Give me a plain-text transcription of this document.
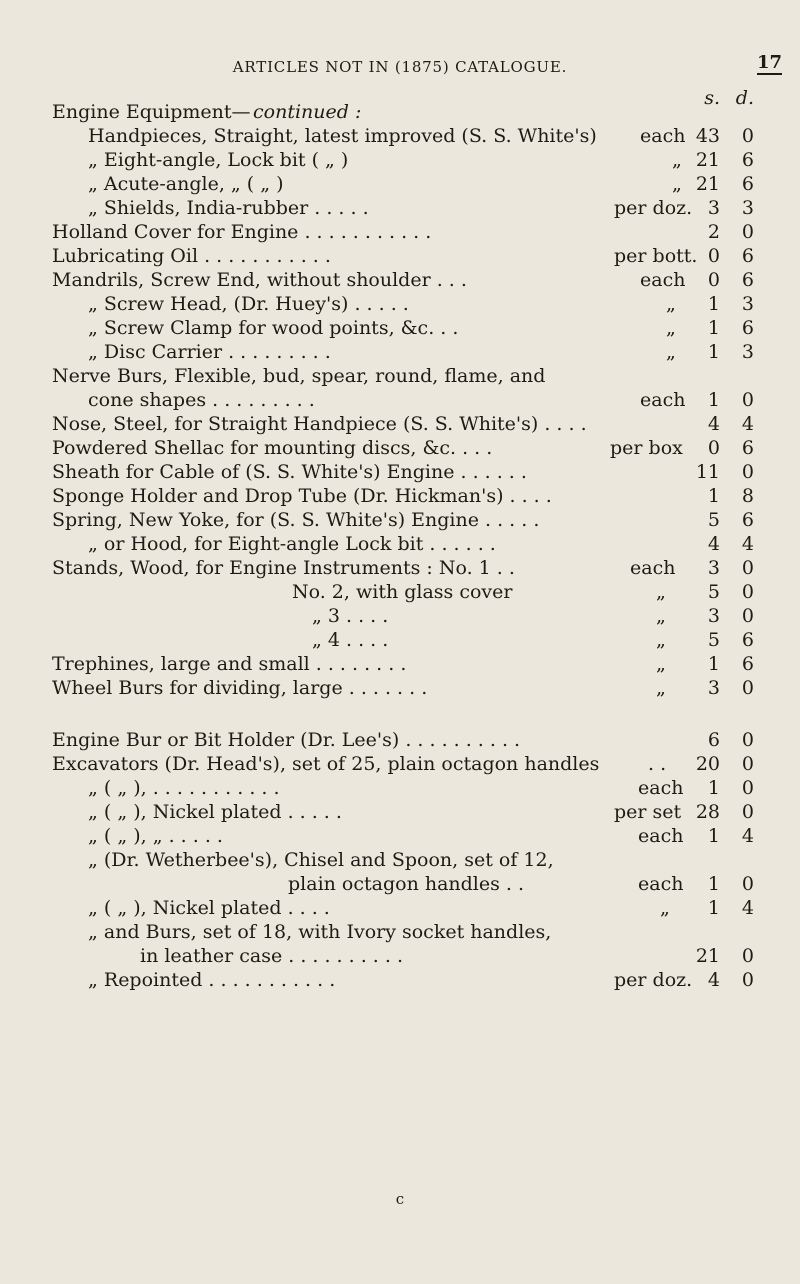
ARTICLES NOT IN (1875) CATALOGUE.	17
Engine Equipment— continued :
Handpieces, Straight, latest improved (S. S. White's) each 43	0
„ Eight-angle, Lock bit ( „ )	„ 21	6
„ Acute-angle, „ ( „ )	„ 21	6
„ Shields, India-rubber . . . . .	per doz. 3	3
Holland Cover for Engine . . . . . . . . . . .	2	0
Lubricating Oil . . . . . . . . . . .	per bott. 0	6
Mandrils, Screw End, without shoulder . . .	each	0	6
„ Screw Head, (Dr. Huey's) . . . . .	„	1	3
„ Screw Clamp for wood points, &c. . .	„	1	6
„ Disc Carrier . . . . . . . . .	„	1	3
Nerve Burs, Flexible, bud, spear, round, flame, and
cone shapes . . . . . . . . .	each	1	0
Nose, Steel, for Straight Handpiece (S. S. White's) . . . .	4	4
Powdered Shellac for mounting discs, &c. . . .	per box	0	6
Sheath for Cable of (S. S. White's) Engine . . . . . .	11	0
Sponge Holder and Drop Tube (Dr. Hickman's) . . . .	1	8
Spring, New Yoke, for (S. S. White's) Engine . . . . .	5	6
„ or Hood, for Eight-angle Lock bit . . . . . .	4	4
Stands, Wood, for Engine Instruments : No. 1 . .	each	3	0
No. 2, with glass cover	„	5	0
„ 3 . . . .	„	3	0
„ 4 . . . .	„	5	6
Trephines, large and small . . . . . . . .	„	1	6
Wheel Burs for dividing, large . . . . . . .	„	3	0
Engine Bur or Bit Holder (Dr. Lee's) . . . . . . . . . .	6	0
Excavators (Dr. Head's), set of 25, plain octagon handles	. .	20	0
„ ( „ ), . . . . . . . . . . .	each	1	0
„ ( „ ), Nickel plated . . . . .	per set 28	0
„ ( „ ), „ . . . . .	each	1	4
„ (Dr. Wetherbee's), Chisel and Spoon, set of 12,
plain octagon handles . .	each	1	0
„ ( „ ), Nickel plated . . . .	„	1	4
„ and Burs, set of 18, with Ivory socket handles,
in leather case . . . . . . . . . .	21	0
„ Repointed . . . . . . . . . . .	per doz. 4	0
s. d.
c
